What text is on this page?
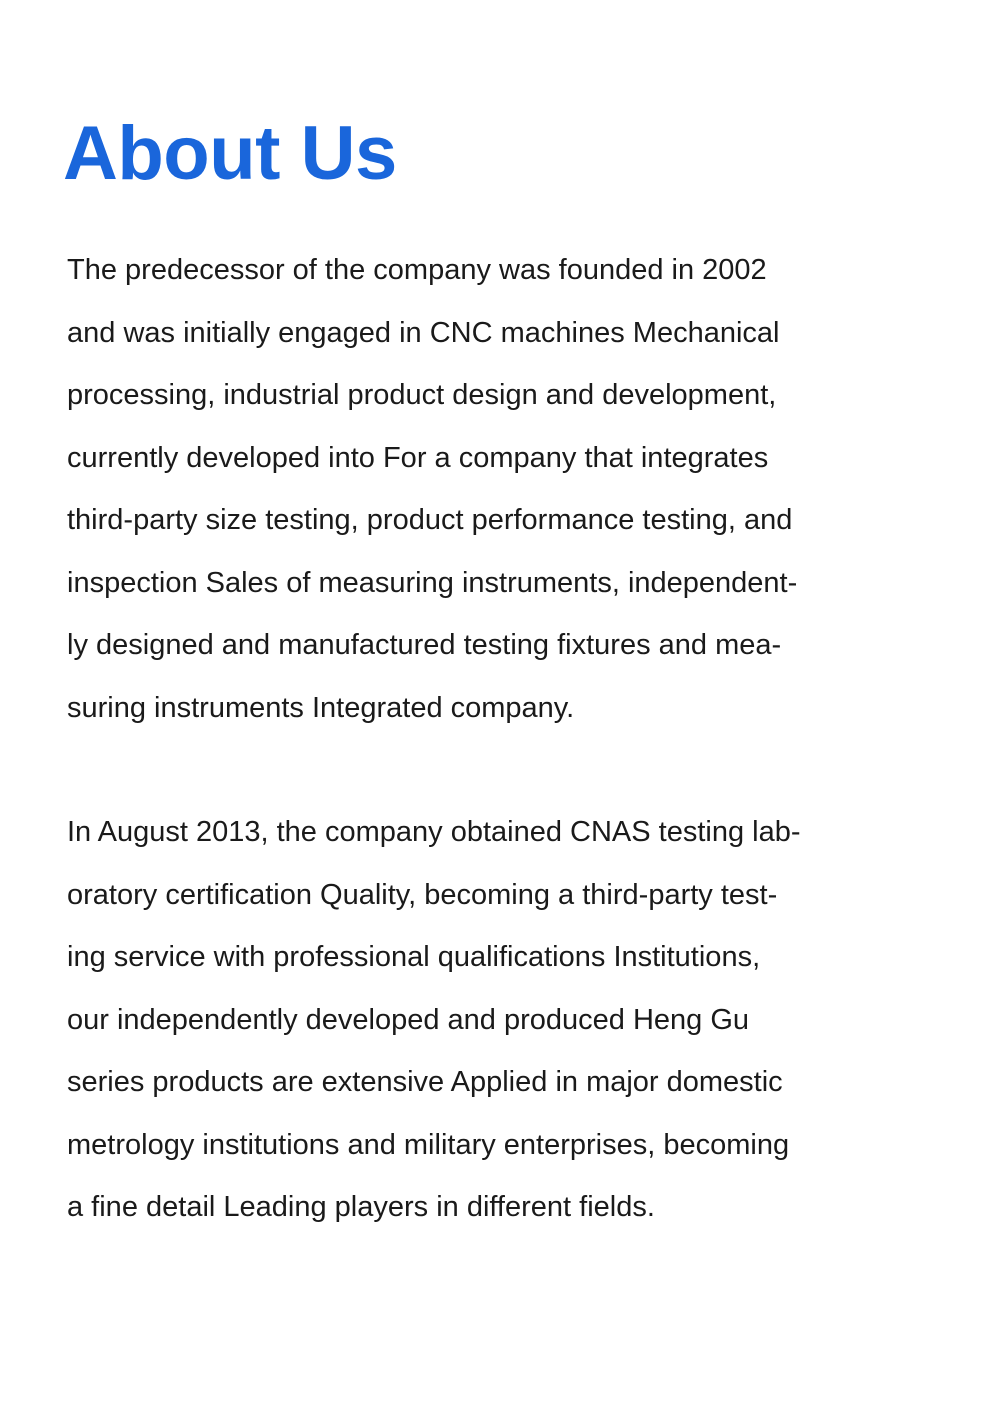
About Us

The predecessor of the company was founded in 2002
and was initially engaged in CNC machines Mechanical
processing, industrial product design and development,
currently developed into For a company that integrates
third-party size testing, product performance testing, and
inspection Sales of measuring instruments, independent-
ly designed and manufactured testing fixtures and mea-
suring instruments Integrated company.

In August 2013, the company obtained CNAS testing lab-
oratory certification Quality, becoming a third-party test-
ing service with professional qualifications Institutions,
our independently developed and produced Heng Gu
series products are extensive Applied in major domestic
metrology institutions and military enterprises, becoming
a fine detail Leading players in different fields.
